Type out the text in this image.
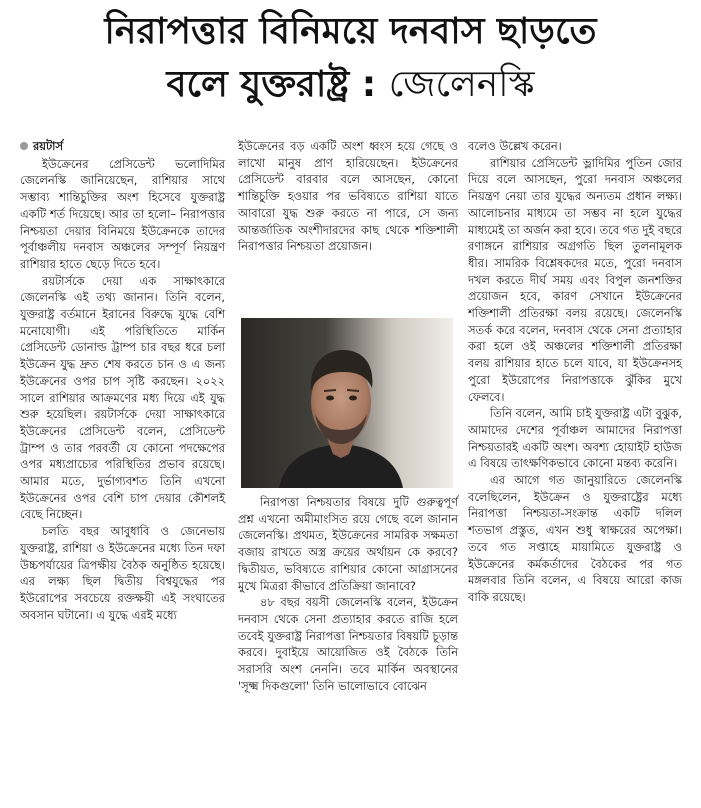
নিরাপত্তার বিনিময়ে দনবাস ছাড়তে
বলে যুক্তরাষ্ট্র : জেলেনস্কি
রয়টার্স

ইউক্রেনের প্রেসিডেন্ট ভলোদিমির জেলেনস্কি জানিয়েছেন, রাশিয়ার সাথে সম্ভাব্য শান্তিচুক্তির অংশ হিসেবে যুক্তরাষ্ট্র একটি শর্ত দিয়েছে। আর তা হলো– নিরাপত্তার নিশ্চয়তা দেয়ার বিনিময়ে ইউক্রেনকে তাদের পূর্বাঞ্চলীয় দনবাস অঞ্চলের সম্পূর্ণ নিয়ন্ত্রণ রাশিয়ার হাতে ছেড়ে দিতে হবে।

রয়টার্সকে দেয়া এক সাক্ষাৎকারে জেলেনস্কি এই তথ্য জানান। তিনি বলেন, যুক্তরাষ্ট্র বর্তমানে ইরানের বিরুদ্ধে যুদ্ধে বেশি মনোযোগী। এই পরিস্থিতিতে মার্কিন প্রেসিডেন্ট ডোনাল্ড ট্রাম্প চার বছর ধরে চলা ইউক্রেন যুদ্ধ দ্রুত শেষ করতে চান ও এ জন্য ইউক্রেনের ওপর চাপ সৃষ্টি করছেন। ২০২২ সালে রাশিয়ার আক্রমণের মধ্য দিয়ে এই যুদ্ধ শুরু হয়েছিল। রয়টার্সকে দেয়া সাক্ষাৎকারে ইউক্রেনের প্রেসিডেন্ট বলেন, প্রেসিডেন্ট ট্রাম্প ও তার পরবর্তী যে কোনো পদক্ষেপের ওপর মধ্যপ্রাচ্যের পরিস্থিতির প্রভাব রয়েছে। আমার মতে, দুর্ভাগ্যবশত তিনি এখনো ইউক্রেনের ওপর বেশি চাপ দেয়ার কৌশলই বেছে নিচ্ছেন।

চলতি বছর আবুধাবি ও জেনেভায় যুক্তরাষ্ট্র, রাশিয়া ও ইউক্রেনের মধ্যে তিন দফা উচ্চপর্যায়ের ত্রিপক্ষীয় বৈঠক অনুষ্ঠিত হয়েছে। এর লক্ষ্য ছিল দ্বিতীয় বিশ্বযুদ্ধের পর ইউরোপের সবচেয়ে রক্তক্ষয়ী এই সংঘাতের অবসান ঘটানো। এ যুদ্ধে এরই মধ্যে

ইউক্রেনের বড় একটি অংশ ধ্বংস হয়ে গেছে ও লাখো মানুষ প্রাণ হারিয়েছেন। ইউক্রেনের প্রেসিডেন্ট বারবার বলে আসছেন, কোনো শান্তিচুক্তি হওয়ার পর ভবিষ্যতে রাশিয়া যাতে আবারো যুদ্ধ শুরু করতে না পারে, সে জন্য আন্তর্জাতিক অংশীদারদের কাছ থেকে শক্তিশালী নিরাপত্তার নিশ্চয়তা প্রয়োজন।

নিরাপত্তা নিশ্চয়তার বিষয়ে দুটি গুরুত্বপূর্ণ প্রশ্ন এখনো অমীমাংসিত রয়ে গেছে বলে জানান জেলেনস্কি। প্রথমত, ইউক্রেনের সামরিক সক্ষমতা বজায় রাখতে অস্ত্র ক্রয়ের অর্থায়ন কে করবে? দ্বিতীয়ত, ভবিষ্যতে রাশিয়ার কোনো আগ্রাসনের মুখে মিত্ররা কীভাবে প্রতিক্রিয়া জানাবে?

৪৮ বছর বয়সী জেলেনস্কি বলেন, ইউক্রেন দনবাস থেকে সেনা প্রত্যাহার করতে রাজি হলে তবেই যুক্তরাষ্ট্র নিরাপত্তা নিশ্চয়তার বিষয়টি চূড়ান্ত করবে। দুবাইয়ে আয়োজিত ওই বৈঠকে তিনি সরাসরি অংশ নেননি। তবে মার্কিন অবস্থানের 'সূক্ষ্ম দিকগুলো' তিনি ভালোভাবে বোঝেন

বলেও উল্লেখ করেন।

রাশিয়ার প্রেসিডেন্ট ভ্লাদিমির পুতিন জোর দিয়ে বলে আসছেন, পুরো দনবাস অঞ্চলের নিয়ন্ত্রণ নেয়া তার যুদ্ধের অন্যতম প্রধান লক্ষ্য। আলোচনার মাধ্যমে তা সম্ভব না হলে যুদ্ধের মাধ্যমেই তা অর্জন করা হবে। তবে গত দুই বছরে রণাঙ্গনে রাশিয়ার অগ্রগতি ছিল তুলনামূলক ধীর। সামরিক বিশ্লেষকদের মতে, পুরো দনবাস দখল করতে দীর্ঘ সময় এবং বিপুল জনশক্তির প্রয়োজন হবে, কারণ সেখানে ইউক্রেনের শক্তিশালী প্রতিরক্ষা বলয় রয়েছে। জেলেনস্কি সতর্ক করে বলেন, দনবাস থেকে সেনা প্রত্যাহার করা হলে ওই অঞ্চলের শক্তিশালী প্রতিরক্ষা বলয় রাশিয়ার হাতে চলে যাবে, যা ইউক্রেনসহ পুরো ইউরোপের নিরাপত্তাকে ঝুঁকির মুখে ফেলবে।

তিনি বলেন, আমি চাই যুক্তরাষ্ট্র এটা বুঝুক, আমাদের দেশের পূর্বাঞ্চল আমাদের নিরাপত্তা নিশ্চয়তারই একটি অংশ। অবশ্য হোয়াইট হাউজ এ বিষয়ে তাৎক্ষণিকভাবে কোনো মন্তব্য করেনি।

এর আগে গত জানুয়ারিতে জেলেনস্কি বলেছিলেন, ইউক্রেন ও যুক্তরাষ্ট্রের মধ্যে নিরাপত্তা নিশ্চয়তা-সংক্রান্ত একটি দলিল শতভাগ প্রস্তুত, এখন শুধু স্বাক্ষরের অপেক্ষা। তবে গত সপ্তাহে মায়ামিতে যুক্তরাষ্ট্র ও ইউক্রেনের কর্মকর্তাদের বৈঠকের পর গত মঙ্গলবার তিনি বলেন, এ বিষয়ে আরো কাজ বাকি রয়েছে।
